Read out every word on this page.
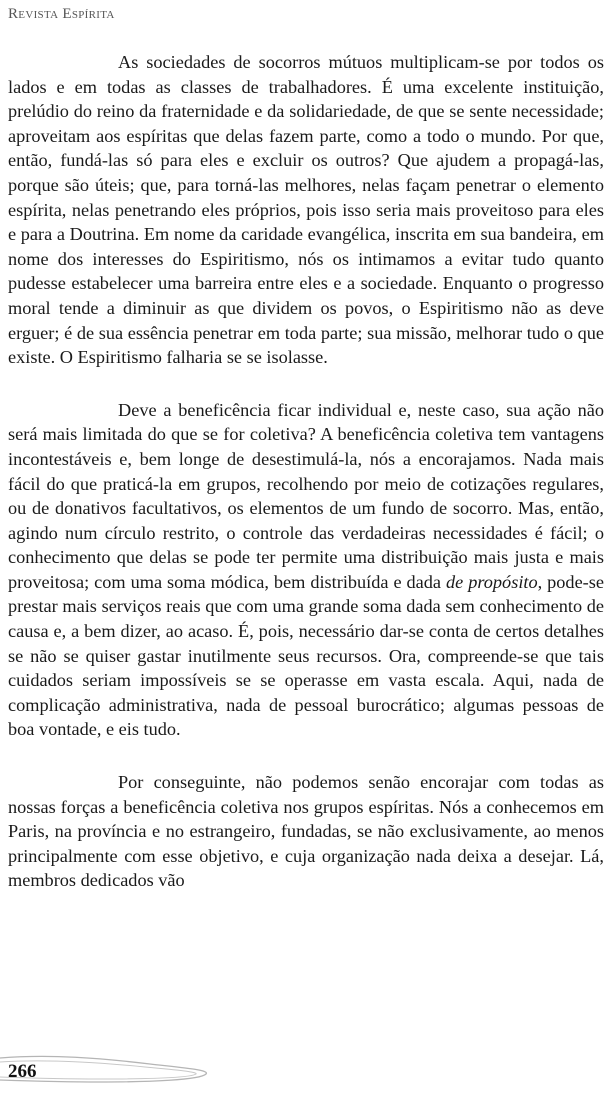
Revista Espírita

As sociedades de socorros mútuos multiplicam-se por todos os lados e em todas as classes de trabalhadores. É uma excelente instituição, prelúdio do reino da fraternidade e da solidariedade, de que se sente necessidade; aproveitam aos espíritas que delas fazem parte, como a todo o mundo. Por que, então, fundá-las só para eles e excluir os outros? Que ajudem a propagá-las, porque são úteis; que, para torná-las melhores, nelas façam penetrar o elemento espírita, nelas penetrando eles próprios, pois isso seria mais proveitoso para eles e para a Doutrina. Em nome da caridade evangélica, inscrita em sua bandeira, em nome dos interesses do Espiritismo, nós os intimamos a evitar tudo quanto pudesse estabelecer uma barreira entre eles e a sociedade. Enquanto o progresso moral tende a diminuir as que dividem os povos, o Espiritismo não as deve erguer; é de sua essência penetrar em toda parte; sua missão, melhorar tudo o que existe. O Espiritismo falharia se se isolasse.

Deve a beneficência ficar individual e, neste caso, sua ação não será mais limitada do que se for coletiva? A beneficência coletiva tem vantagens incontestáveis e, bem longe de desestimulá-la, nós a encorajamos. Nada mais fácil do que praticá-la em grupos, recolhendo por meio de cotizações regulares, ou de donativos facultativos, os elementos de um fundo de socorro. Mas, então, agindo num círculo restrito, o controle das verdadeiras necessidades é fácil; o conhecimento que delas se pode ter permite uma distribuição mais justa e mais proveitosa; com uma soma módica, bem distribuída e dada de propósito, pode-se prestar mais serviços reais que com uma grande soma dada sem conhecimento de causa e, a bem dizer, ao acaso. É, pois, necessário dar-se conta de certos detalhes se não se quiser gastar inutilmente seus recursos. Ora, compreende-se que tais cuidados seriam impossíveis se se operasse em vasta escala. Aqui, nada de complicação administrativa, nada de pessoal burocrático; algumas pessoas de boa vontade, e eis tudo.

Por conseguinte, não podemos senão encorajar com todas as nossas forças a beneficência coletiva nos grupos espíritas. Nós a conhecemos em Paris, na província e no estrangeiro, fundadas, se não exclusivamente, ao menos principalmente com esse objetivo, e cuja organização nada deixa a desejar. Lá, membros dedicados vão

266
